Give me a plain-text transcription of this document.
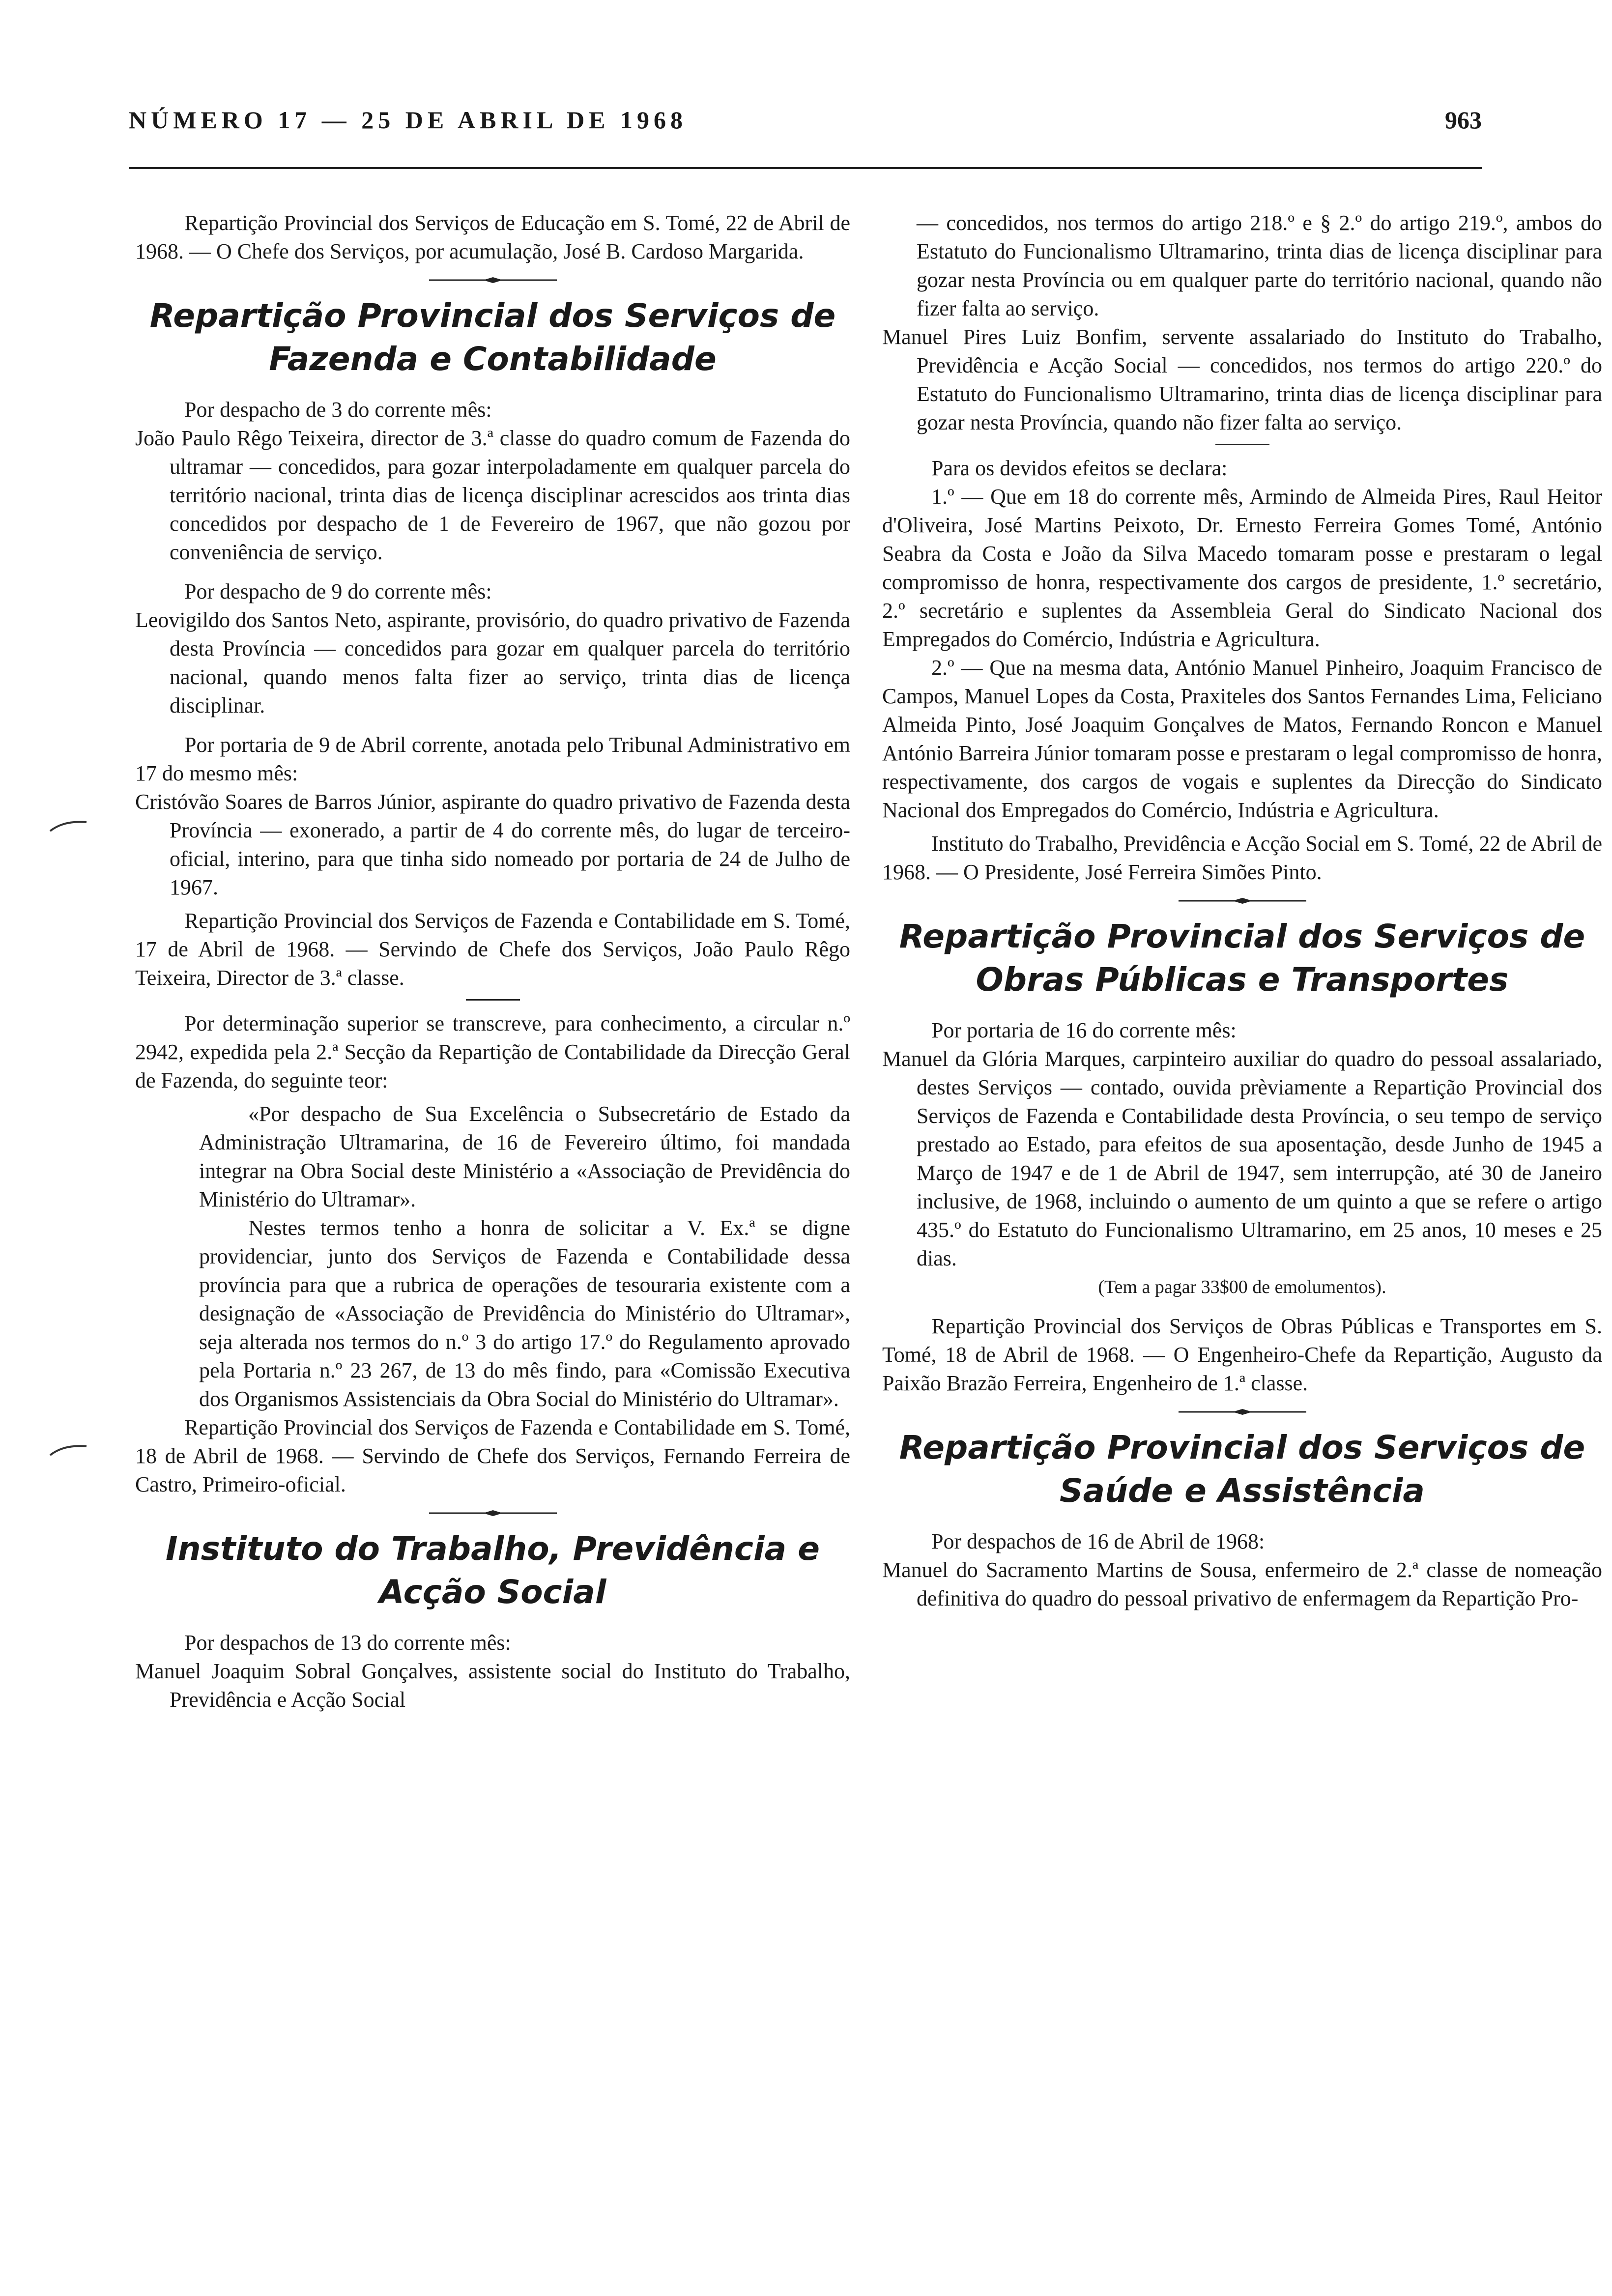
NÚMERO 17 — 25 DE ABRIL DE 1968	963

Repartição Provincial dos Serviços de Educação em S. Tomé, 22 de Abril de 1968. — O Chefe dos Serviços, por acumulação, José B. Cardoso Margarida.

Repartição Provincial dos Serviços de Fazenda e Contabilidade

Por despacho de 3 do corrente mês:

João Paulo Rêgo Teixeira, director de 3.ª classe do quadro comum de Fazenda do ultramar — concedidos, para gozar interpoladamente em qualquer parcela do território nacional, trinta dias de licença disciplinar acrescidos aos trinta dias concedidos por despacho de 1 de Fevereiro de 1967, que não gozou por conveniência de serviço.

Por despacho de 9 do corrente mês:

Leovigildo dos Santos Neto, aspirante, provisório, do quadro privativo de Fazenda desta Província — concedidos para gozar em qualquer parcela do território nacional, quando menos falta fizer ao serviço, trinta dias de licença disciplinar.

Por portaria de 9 de Abril corrente, anotada pelo Tribunal Administrativo em 17 do mesmo mês:

Cristóvão Soares de Barros Júnior, aspirante do quadro privativo de Fazenda desta Província — exonerado, a partir de 4 do corrente mês, do lugar de terceiro-oficial, interino, para que tinha sido nomeado por portaria de 24 de Julho de 1967.

Repartição Provincial dos Serviços de Fazenda e Contabilidade em S. Tomé, 17 de Abril de 1968. — Servindo de Chefe dos Serviços, João Paulo Rêgo Teixeira, Director de 3.ª classe.

Por determinação superior se transcreve, para conhecimento, a circular n.º 2942, expedida pela 2.ª Secção da Repartição de Contabilidade da Direcção Geral de Fazenda, do seguinte teor:

«Por despacho de Sua Excelência o Subsecretário de Estado da Administração Ultramarina, de 16 de Fevereiro último, foi mandada integrar na Obra Social deste Ministério a «Associação de Previdência do Ministério do Ultramar».

Nestes termos tenho a honra de solicitar a V. Ex.ª se digne providenciar, junto dos Serviços de Fazenda e Contabilidade dessa província para que a rubrica de operações de tesouraria existente com a designação de «Associação de Previdência do Ministério do Ultramar», seja alterada nos termos do n.º 3 do artigo 17.º do Regulamento aprovado pela Portaria n.º 23 267, de 13 do mês findo, para «Comissão Executiva dos Organismos Assistenciais da Obra Social do Ministério do Ultramar».

Repartição Provincial dos Serviços de Fazenda e Contabilidade em S. Tomé, 18 de Abril de 1968. — Servindo de Chefe dos Serviços, Fernando Ferreira de Castro, Primeiro-oficial.

Instituto do Trabalho, Previdência e Acção Social

Por despachos de 13 do corrente mês:

Manuel Joaquim Sobral Gonçalves, assistente social do Instituto do Trabalho, Previdência e Acção Social

— concedidos, nos termos do artigo 218.º e § 2.º do artigo 219.º, ambos do Estatuto do Funcionalismo Ultramarino, trinta dias de licença disciplinar para gozar nesta Província ou em qualquer parte do território nacional, quando não fizer falta ao serviço.

Manuel Pires Luiz Bonfim, servente assalariado do Instituto do Trabalho, Previdência e Acção Social — concedidos, nos termos do artigo 220.º do Estatuto do Funcionalismo Ultramarino, trinta dias de licença disciplinar para gozar nesta Província, quando não fizer falta ao serviço.

Para os devidos efeitos se declara:

1.º — Que em 18 do corrente mês, Armindo de Almeida Pires, Raul Heitor d'Oliveira, José Martins Peixoto, Dr. Ernesto Ferreira Gomes Tomé, António Seabra da Costa e João da Silva Macedo tomaram posse e prestaram o legal compromisso de honra, respectivamente dos cargos de presidente, 1.º secretário, 2.º secretário e suplentes da Assembleia Geral do Sindicato Nacional dos Empregados do Comércio, Indústria e Agricultura.

2.º — Que na mesma data, António Manuel Pinheiro, Joaquim Francisco de Campos, Manuel Lopes da Costa, Praxiteles dos Santos Fernandes Lima, Feliciano Almeida Pinto, José Joaquim Gonçalves de Matos, Fernando Roncon e Manuel António Barreira Júnior tomaram posse e prestaram o legal compromisso de honra, respectivamente, dos cargos de vogais e suplentes da Direcção do Sindicato Nacional dos Empregados do Comércio, Indústria e Agricultura.

Instituto do Trabalho, Previdência e Acção Social em S. Tomé, 22 de Abril de 1968. — O Presidente, José Ferreira Simões Pinto.

Repartição Provincial dos Serviços de Obras Públicas e Transportes

Por portaria de 16 do corrente mês:

Manuel da Glória Marques, carpinteiro auxiliar do quadro do pessoal assalariado, destes Serviços — contado, ouvida prèviamente a Repartição Provincial dos Serviços de Fazenda e Contabilidade desta Província, o seu tempo de serviço prestado ao Estado, para efeitos de sua aposentação, desde Junho de 1945 a Março de 1947 e de 1 de Abril de 1947, sem interrupção, até 30 de Janeiro inclusive, de 1968, incluindo o aumento de um quinto a que se refere o artigo 435.º do Estatuto do Funcionalismo Ultramarino, em 25 anos, 10 meses e 25 dias.

(Tem a pagar 33$00 de emolumentos).

Repartição Provincial dos Serviços de Obras Públicas e Transportes em S. Tomé, 18 de Abril de 1968. — O Engenheiro-Chefe da Repartição, Augusto da Paixão Brazão Ferreira, Engenheiro de 1.ª classe.

Repartição Provincial dos Serviços de Saúde e Assistência

Por despachos de 16 de Abril de 1968:

Manuel do Sacramento Martins de Sousa, enfermeiro de 2.ª classe de nomeação definitiva do quadro do pessoal privativo de enfermagem da Repartição Pro-
